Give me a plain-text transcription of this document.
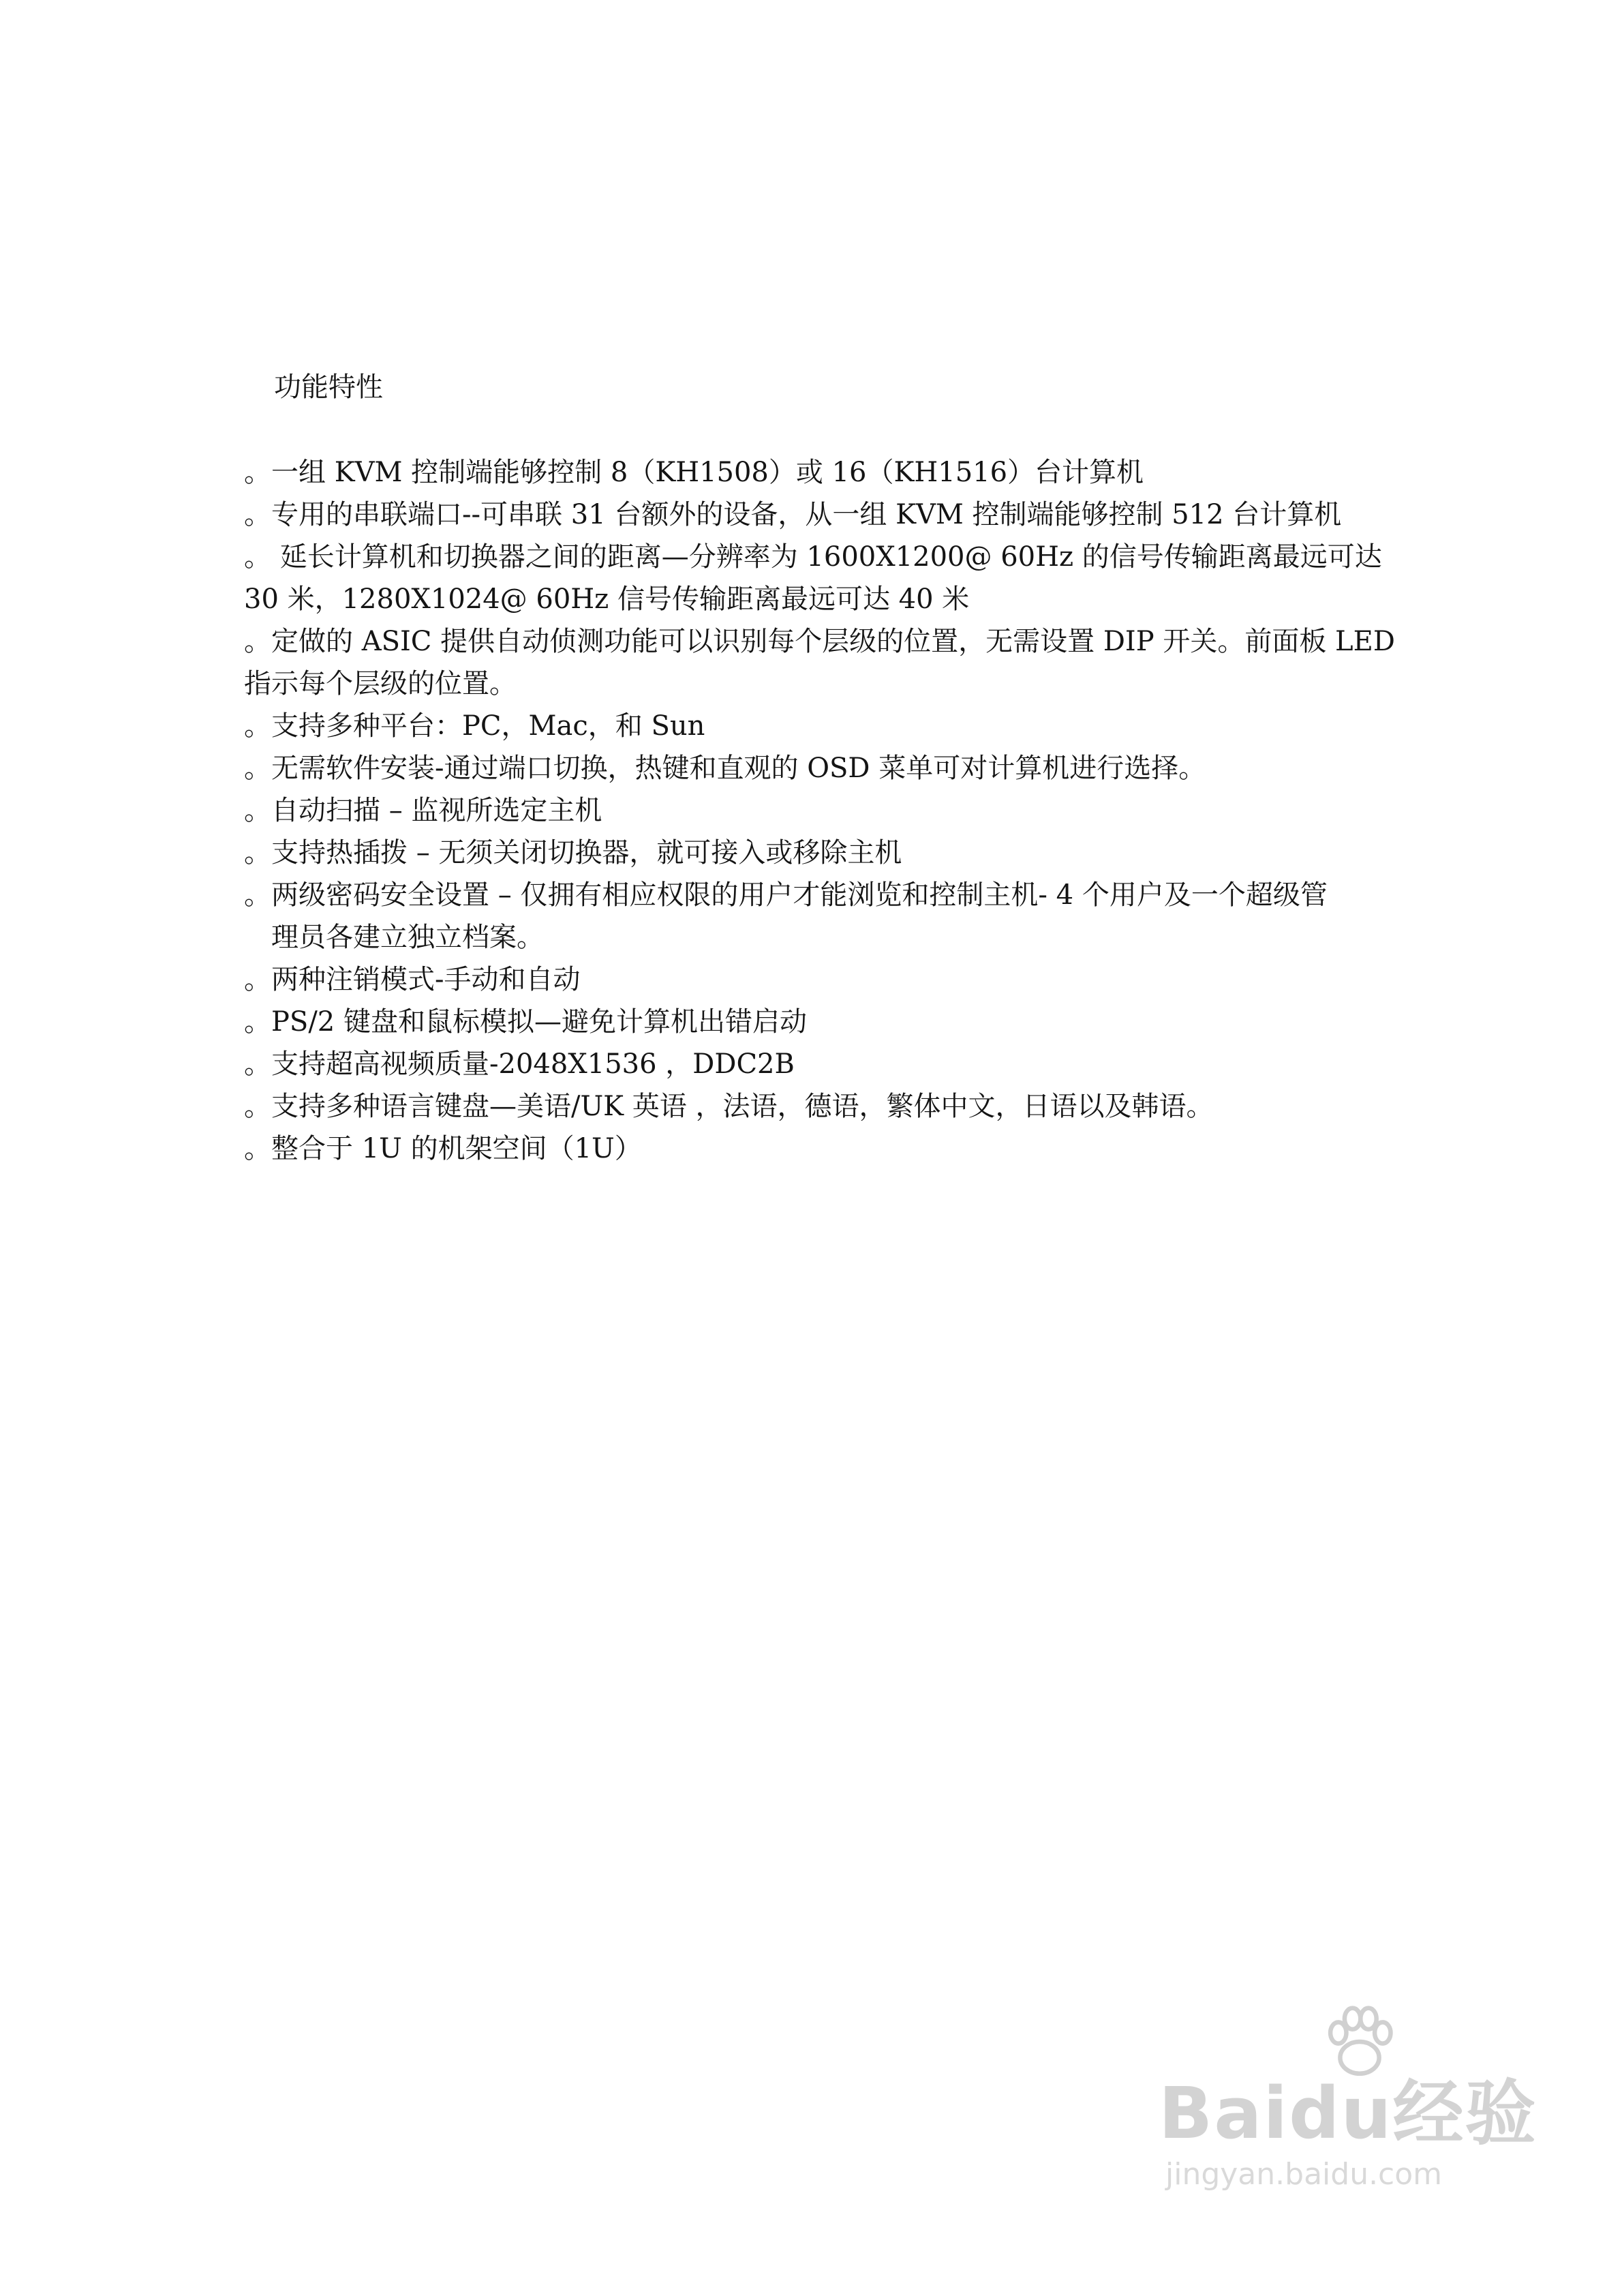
功能特性
。一组 KVM 控制端能够控制 8（KH1508）或 16（KH1516）台计算机
。专用的串联端口--可串联 31 台额外的设备，从一组 KVM 控制端能够控制 512 台计算机
。 延长计算机和切换器之间的距离—分辨率为 1600X1200@ 60Hz 的信号传输距离最远可达
30 米，1280X1024@ 60Hz 信号传输距离最远可达 40 米
。定做的 ASIC 提供自动侦测功能可以识别每个层级的位置，无需设置 DIP 开关。前面板 LED
指示每个层级的位置。
。支持多种平台：PC，Mac，和 Sun
。无需软件安装-通过端口切换，热键和直观的 OSD 菜单可对计算机进行选择。
。自动扫描 – 监视所选定主机
。支持热插拨 – 无须关闭切换器，就可接入或移除主机
。两级密码安全设置 – 仅拥有相应权限的用户才能浏览和控制主机- 4 个用户及一个超级管
理员各建立独立档案。
。两种注销模式-手动和自动
。PS/2 键盘和鼠标模拟—避免计算机出错启动
。支持超高视频质量-2048X1536 ，DDC2B
。支持多种语言键盘—美语/UK 英语 ，法语，德语，繁体中文，日语以及韩语。
。整合于 1U 的机架空间（1U）
Baidu经验
jingyan.baidu.com
